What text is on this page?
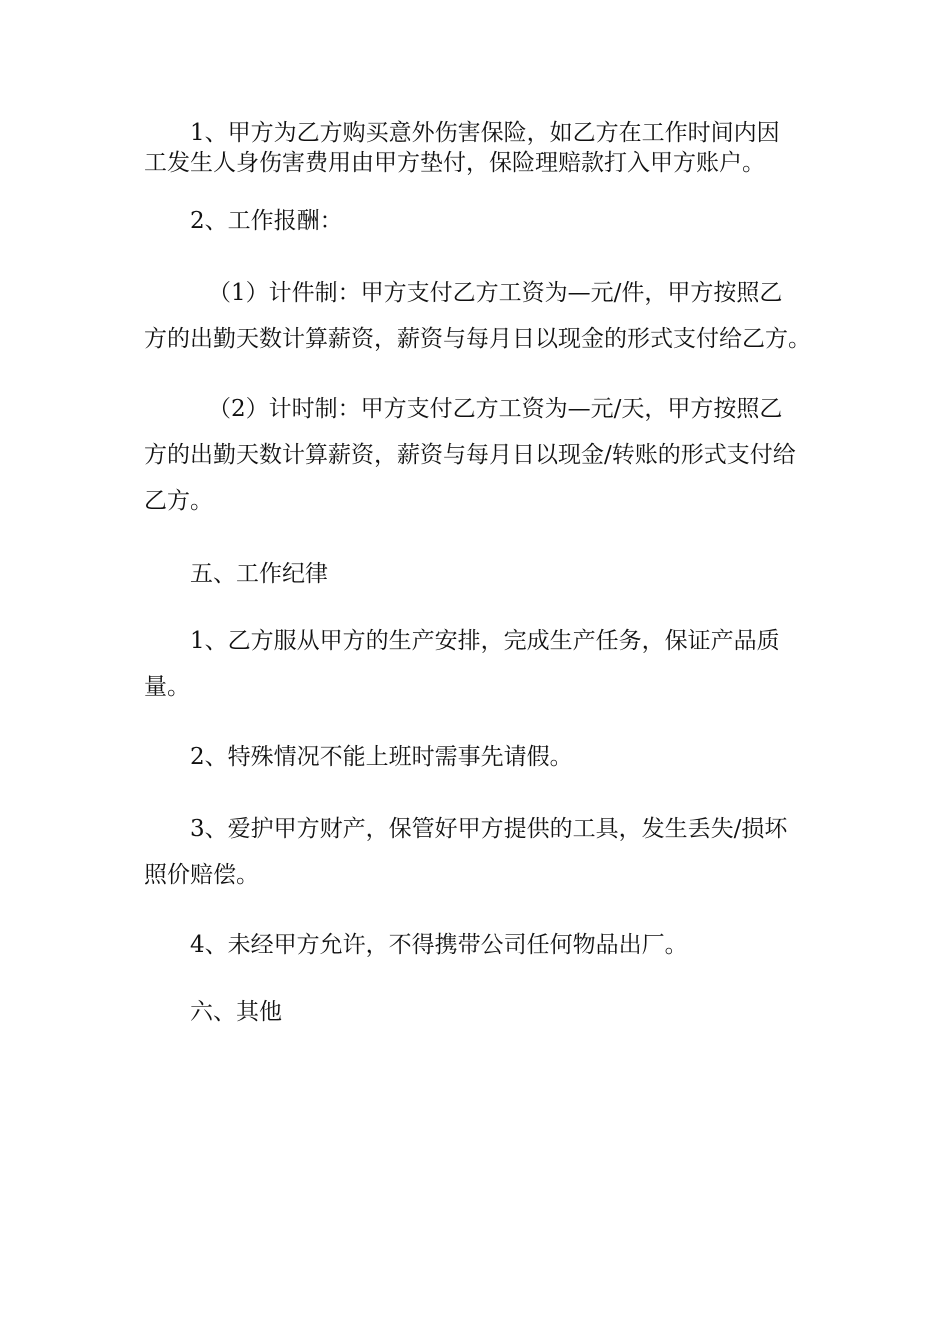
1、甲方为乙方购买意外伤害保险，如乙方在工作时间内因
工发生人身伤害费用由甲方垫付，保险理赔款打入甲方账户。
2、工作报酬：
（1）计件制：甲方支付乙方工资为—元/件，甲方按照乙
方的出勤天数计算薪资，薪资与每月日以现金的形式支付给乙方。
（2）计时制：甲方支付乙方工资为—元/天，甲方按照乙
方的出勤天数计算薪资，薪资与每月日以现金/转账的形式支付给
乙方。
五、工作纪律
1、乙方服从甲方的生产安排，完成生产任务，保证产品质
量。
2、特殊情况不能上班时需事先请假。
3、爱护甲方财产，保管好甲方提供的工具，发生丢失/损坏
照价赔偿。
4、未经甲方允许，不得携带公司任何物品出厂。
六、其他
